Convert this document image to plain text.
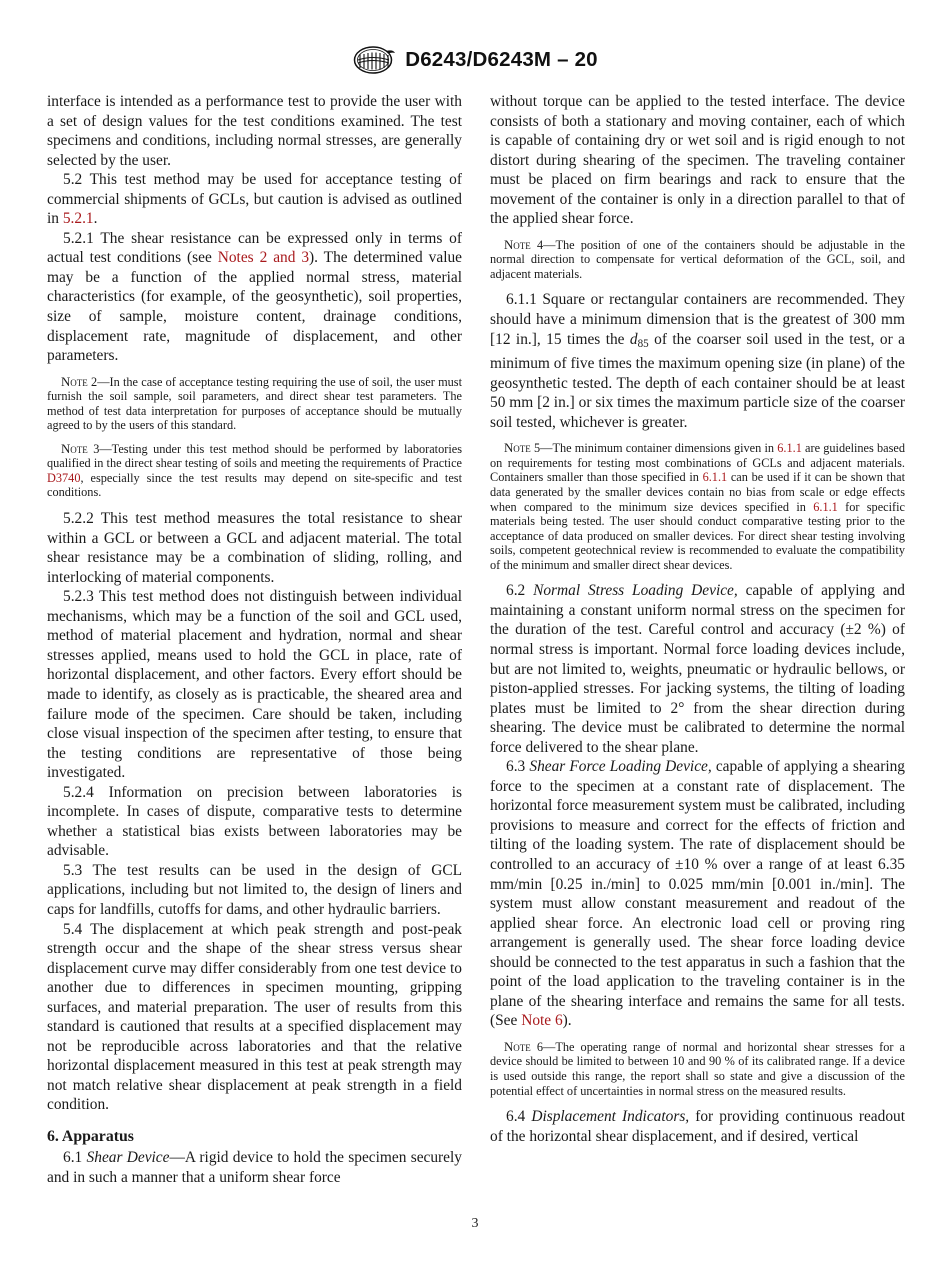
D6243/D6243M – 20

interface is intended as a performance test to provide the user with a set of design values for the test conditions examined. The test specimens and conditions, including normal stresses, are generally selected by the user.

5.2 This test method may be used for acceptance testing of commercial shipments of GCLs, but caution is advised as outlined in 5.2.1.

5.2.1 The shear resistance can be expressed only in terms of actual test conditions (see Notes 2 and 3). The determined value may be a function of the applied normal stress, material characteristics (for example, of the geosynthetic), soil properties, size of sample, moisture content, drainage conditions, displacement rate, magnitude of displacement, and other parameters.

Note 2—In the case of acceptance testing requiring the use of soil, the user must furnish the soil sample, soil parameters, and direct shear test parameters. The method of test data interpretation for purposes of acceptance should be mutually agreed to by the users of this standard.

Note 3—Testing under this test method should be performed by laboratories qualified in the direct shear testing of soils and meeting the requirements of Practice D3740, especially since the test results may depend on site-specific and test conditions.

5.2.2 This test method measures the total resistance to shear within a GCL or between a GCL and adjacent material. The total shear resistance may be a combination of sliding, rolling, and interlocking of material components.

5.2.3 This test method does not distinguish between individual mechanisms, which may be a function of the soil and GCL used, method of material placement and hydration, normal and shear stresses applied, means used to hold the GCL in place, rate of horizontal displacement, and other factors. Every effort should be made to identify, as closely as is practicable, the sheared area and failure mode of the specimen. Care should be taken, including close visual inspection of the specimen after testing, to ensure that the testing conditions are representative of those being investigated.

5.2.4 Information on precision between laboratories is incomplete. In cases of dispute, comparative tests to determine whether a statistical bias exists between laboratories may be advisable.

5.3 The test results can be used in the design of GCL applications, including but not limited to, the design of liners and caps for landfills, cutoffs for dams, and other hydraulic barriers.

5.4 The displacement at which peak strength and post-peak strength occur and the shape of the shear stress versus shear displacement curve may differ considerably from one test device to another due to differences in specimen mounting, gripping surfaces, and material preparation. The user of results from this standard is cautioned that results at a specified displacement may not be reproducible across laboratories and that the relative horizontal displacement measured in this test at peak strength may not match relative shear displacement at peak strength in a field condition.

6. Apparatus

6.1 Shear Device—A rigid device to hold the specimen securely and in such a manner that a uniform shear force

without torque can be applied to the tested interface. The device consists of both a stationary and moving container, each of which is capable of containing dry or wet soil and is rigid enough to not distort during shearing of the specimen. The traveling container must be placed on firm bearings and rack to ensure that the movement of the container is only in a direction parallel to that of the applied shear force.

Note 4—The position of one of the containers should be adjustable in the normal direction to compensate for vertical deformation of the GCL, soil, and adjacent materials.

6.1.1 Square or rectangular containers are recommended. They should have a minimum dimension that is the greatest of 300 mm [12 in.], 15 times the $d_{85}$ of the coarser soil used in the test, or a minimum of five times the maximum opening size (in plane) of the geosynthetic tested. The depth of each container should be at least 50 mm [2 in.] or six times the maximum particle size of the coarser soil tested, whichever is greater.

Note 5—The minimum container dimensions given in 6.1.1 are guidelines based on requirements for testing most combinations of GCLs and adjacent materials. Containers smaller than those specified in 6.1.1 can be used if it can be shown that data generated by the smaller devices contain no bias from scale or edge effects when compared to the minimum size devices specified in 6.1.1 for specific materials being tested. The user should conduct comparative testing prior to the acceptance of data produced on smaller devices. For direct shear testing involving soils, competent geotechnical review is recommended to evaluate the compatibility of the minimum and smaller direct shear devices.

6.2 Normal Stress Loading Device, capable of applying and maintaining a constant uniform normal stress on the specimen for the duration of the test. Careful control and accuracy (±2 %) of normal stress is important. Normal force loading devices include, but are not limited to, weights, pneumatic or hydraulic bellows, or piston-applied stresses. For jacking systems, the tilting of loading plates must be limited to 2° from the shear direction during shearing. The device must be calibrated to determine the normal force delivered to the shear plane.

6.3 Shear Force Loading Device, capable of applying a shearing force to the specimen at a constant rate of displacement. The horizontal force measurement system must be calibrated, including provisions to measure and correct for the effects of friction and tilting of the loading system. The rate of displacement should be controlled to an accuracy of ±10 % over a range of at least 6.35 mm/min [0.25 in./min] to 0.025 mm/min [0.001 in./min]. The system must allow constant measurement and readout of the applied shear force. An electronic load cell or proving ring arrangement is generally used. The shear force loading device should be connected to the test apparatus in such a fashion that the point of the load application to the traveling container is in the plane of the shearing interface and remains the same for all tests. (See Note 6).

Note 6—The operating range of normal and horizontal shear stresses for a device should be limited to between 10 and 90 % of its calibrated range. If a device is used outside this range, the report shall so state and give a discussion of the potential effect of uncertainties in normal stress on the measured results.

6.4 Displacement Indicators, for providing continuous readout of the horizontal shear displacement, and if desired, vertical

3
